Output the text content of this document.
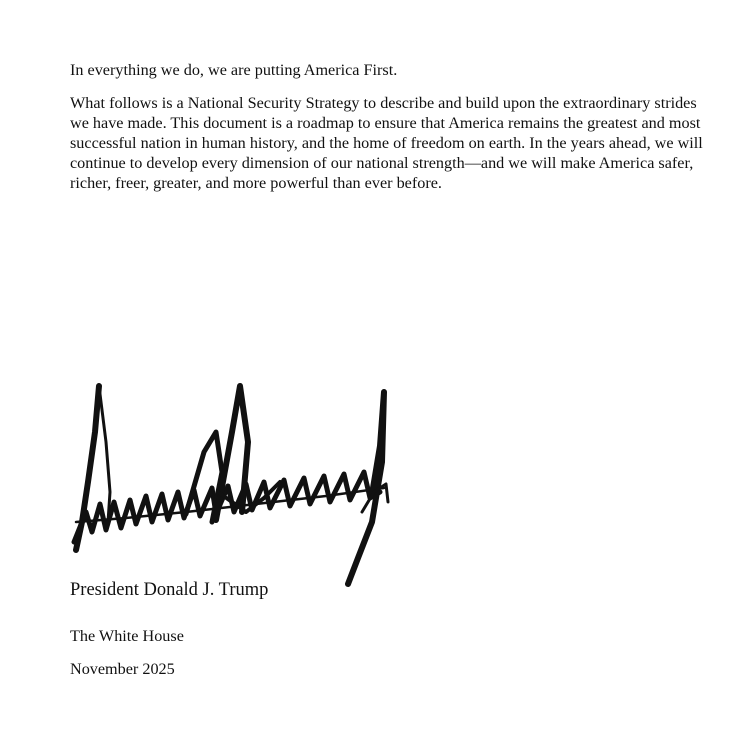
In everything we do, we are putting America First.

What follows is a National Security Strategy to describe and build upon the extraordinary strides we have made. This document is a roadmap to ensure that America remains the greatest and most successful nation in human history, and the home of freedom on earth. In the years ahead, we will continue to develop every dimension of our national strength—and we will make America safer, richer, freer, greater, and more powerful than ever before.

President Donald J. Trump

The White House

November 2025
